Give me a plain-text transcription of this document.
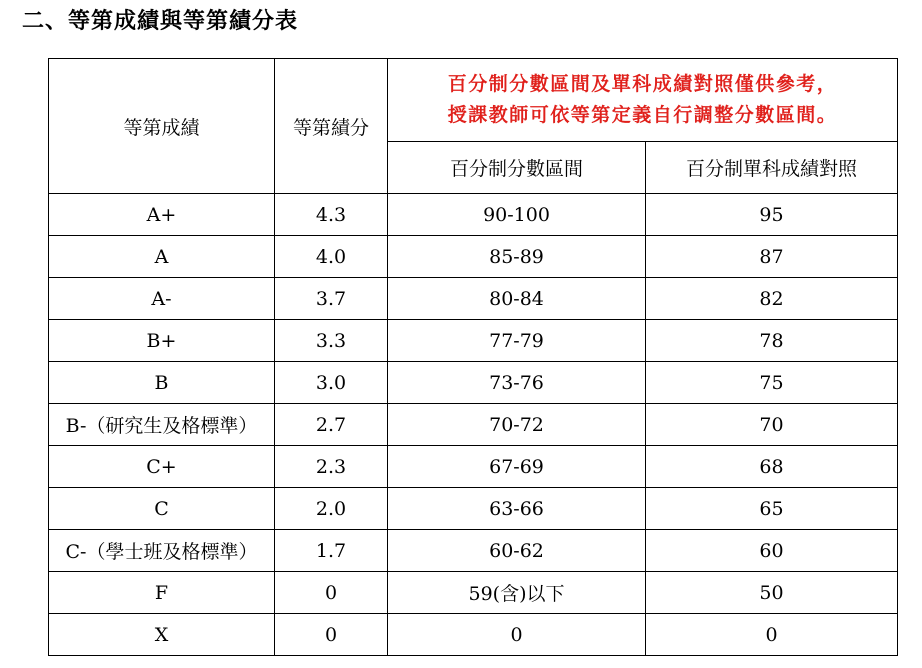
二、等第成績與等第績分表
等第成績	等第績分	百分制分數區間及單科成績對照僅供參考，
授課教師可依等第定義自行調整分數區間。	

		百分制分數區間	百分制單科成績對照
A+	4.3	90-100	95
A	4.0	85-89	87
A-	3.7	80-84	82
B+	3.3	77-79	78
B	3.0	73-76	75
B-（研究生及格標準）	2.7	70-72	70
C+	2.3	67-69	68
C	2.0	63-66	65
C-（學士班及格標準）	1.7	60-62	60
F	0	59(含)以下	50
X	0	0	0
